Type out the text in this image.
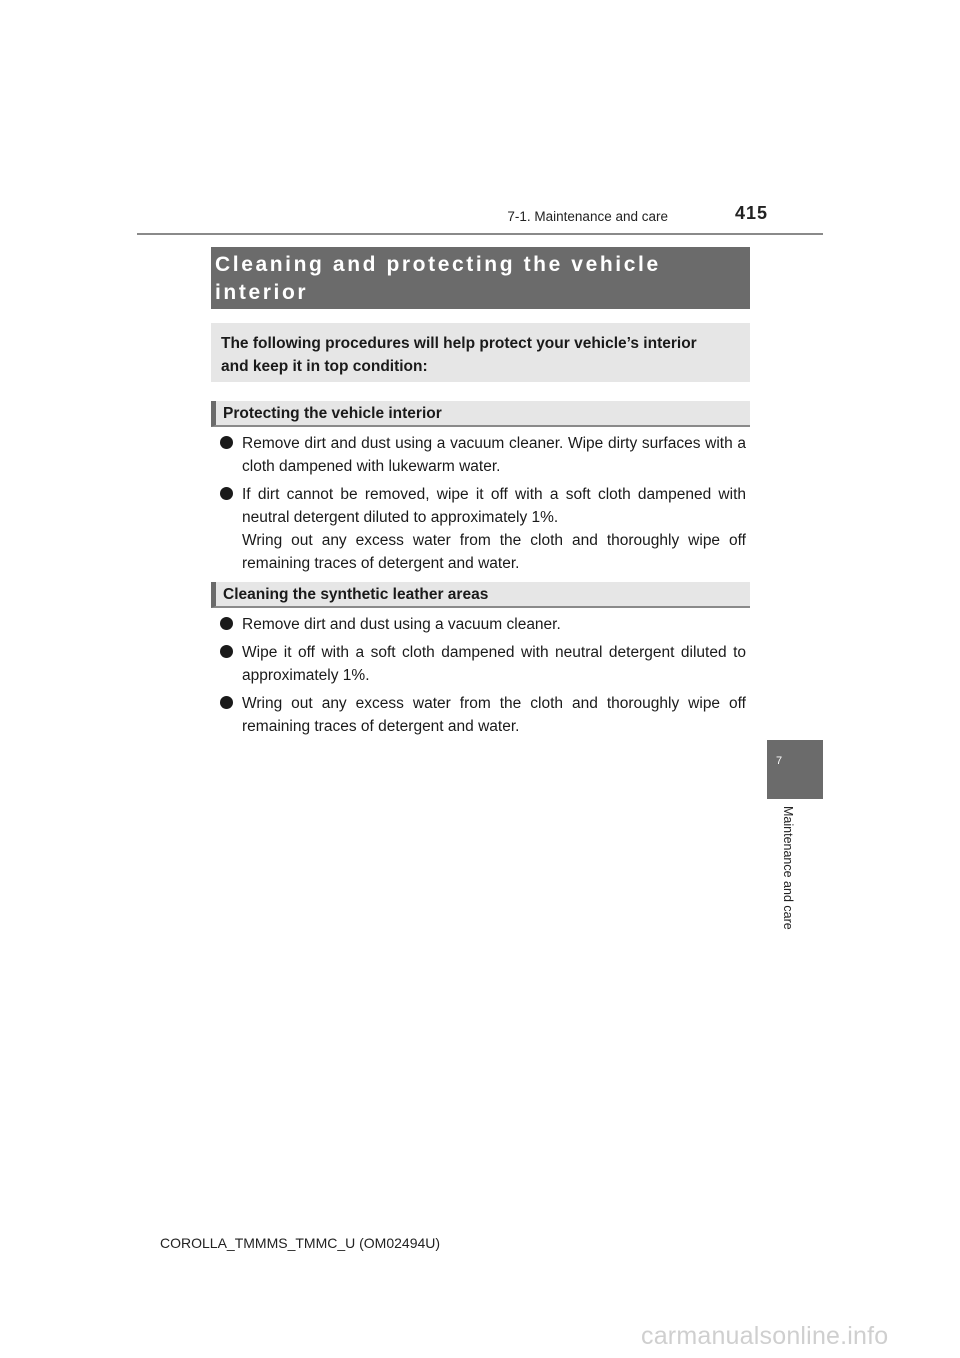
7-1. Maintenance and care	415
Cleaning and protecting the vehicle
interior
The following procedures will help protect your vehicle’s interior
and keep it in top condition:
Protecting the vehicle interior

Remove dirt and dust using a vacuum cleaner. Wipe dirty surfaces with a cloth dampened with lukewarm water.

If dirt cannot be removed, wipe it off with a soft cloth dampened with neutral detergent diluted to approximately 1%.

Wring out any excess water from the cloth and thoroughly wipe off remaining traces of detergent and water.

Cleaning the synthetic leather areas

Remove dirt and dust using a vacuum cleaner.

Wipe it off with a soft cloth dampened with neutral detergent diluted to approximately 1%.

Wring out any excess water from the cloth and thoroughly wipe off remaining traces of detergent and water.

7
Maintenance and care
COROLLA_TMMMS_TMMC_U (OM02494U)
carmanualsonline.info
